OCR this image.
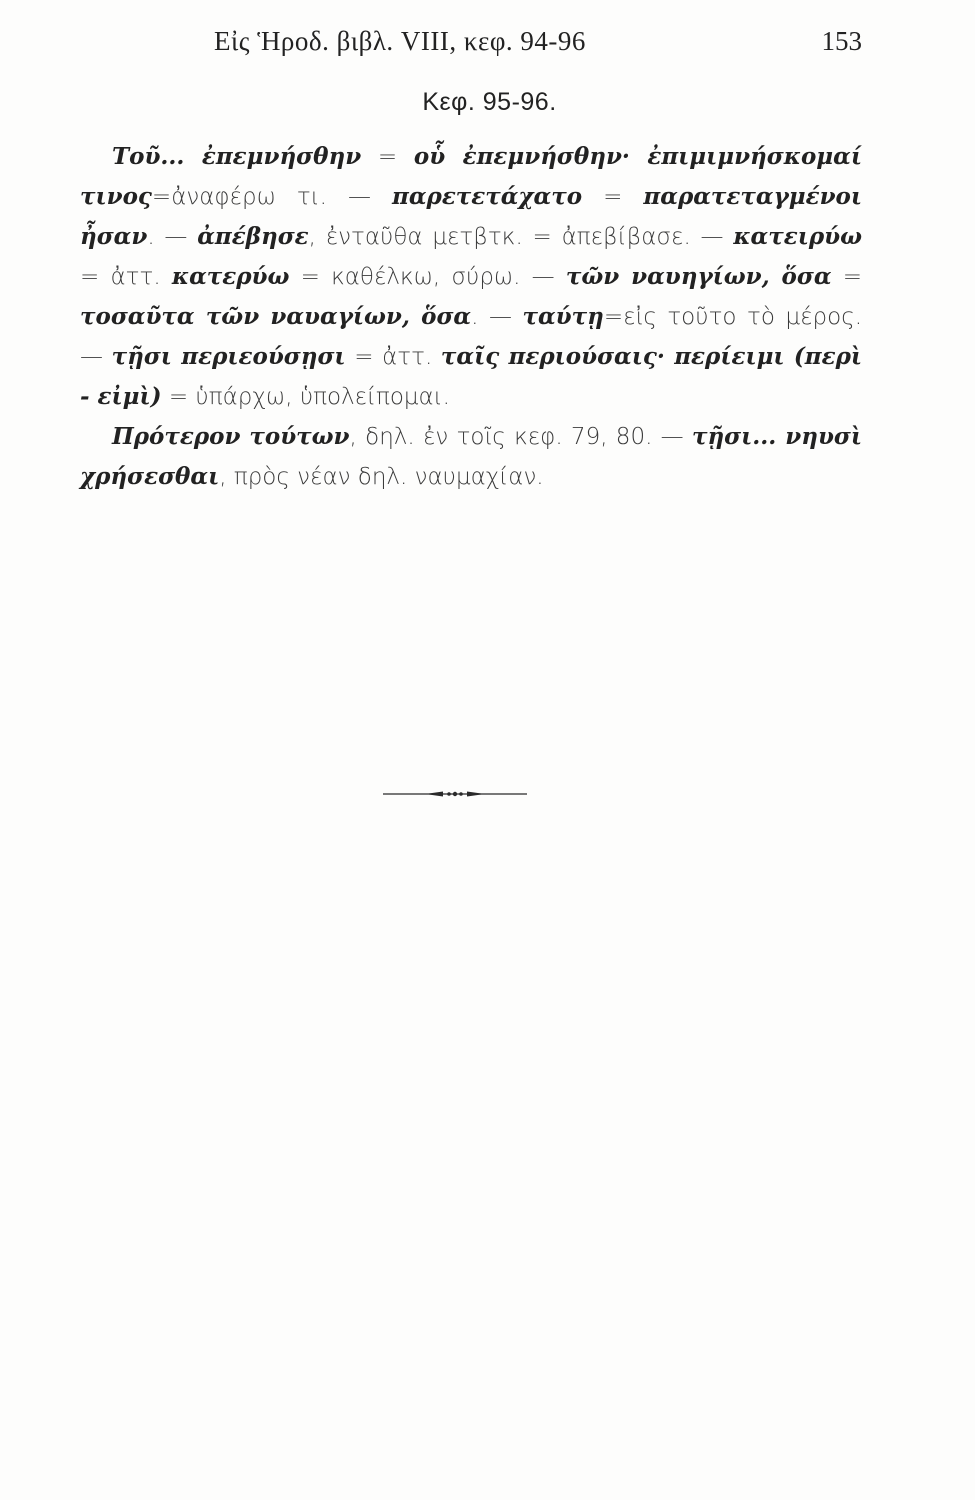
Εἰς Ἡροδ. βιβλ. VIII, κεφ. 94-96	153
Κεφ. 95-96.

Τοῦ... ἐπεμνήσθην = οὗ ἐπεμνήσθην· ἐπιμιμνήσκομαί τινος=ἀναφέρω τι. — παρετετάχατο = παρατεταγμένοι ἦσαν. — ἀπέβησε, ἐνταῦθα μετβτκ. = ἀπεβίβασε. — κατειρύω = ἀττ. κατερύω = καθέλκω, σύρω. — τῶν ναυηγίων, ὅσα = τοσαῦτα τῶν ναυαγίων, ὅσα. — ταύτῃ=εἰς τοῦτο τὸ μέρος. — τῇσι περιεούσῃσι = ἀττ. ταῖς περιούσαις· περίειμι (περὶ - εἰμὶ) = ὑπάρχω, ὑπολείπομαι.

Πρότερον τούτων, δηλ. ἐν τοῖς κεφ. 79, 80. — τῇσι... νηυσὶ χρήσεσθαι, πρὸς νέαν δηλ. ναυμαχίαν.
